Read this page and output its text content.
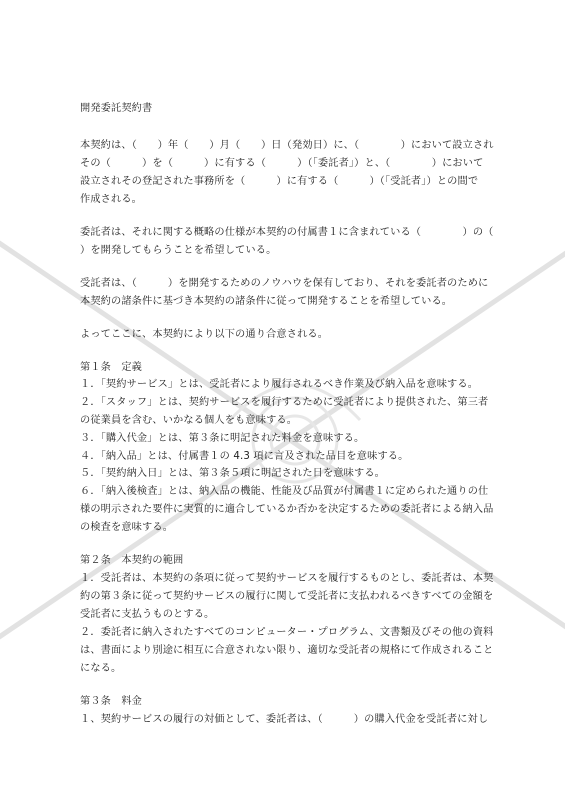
開発委託契約書
本契約は、（　　）年（　　）月（　　）日（発効日）に、（　　　　）において設立され
その（　　　）を（　　　）に有する（　　　）（「委託者」）と、（　　　　）において
設立されその登記された事務所を（　　　）に有する（　　　）（「受託者」）との間で
作成される。
委託者は、それに関する概略の仕様が本契約の付属書１に含まれている（　　　　）の（
）を開発してもらうことを希望している。
受託者は、（　　　）を開発するためのノウハウを保有しており、それを委託者のために
本契約の諸条件に基づき本契約の諸条件に従って開発することを希望している。
よってここに、本契約により以下の通り合意される。
第１条　定義
１．「契約サービス」とは、受託者により履行されるべき作業及び納入品を意味する。
２．「スタッフ」とは、契約サービスを履行するために受託者により提供された、第三者
の従業員を含む、いかなる個人をも意味する。
３．「購入代金」とは、第３条に明記された料金を意味する。
４．「納入品」とは、付属書１の 4.3 項に言及された品目を意味する。
５．「契約納入日」とは、第３条５項に明記された日を意味する。
６．「納入後検査」とは、納入品の機能、性能及び品質が付属書１に定められた通りの仕
様の明示された要件に実質的に適合しているか否かを決定するための委託者による納入品
の検査を意味する。
第２条　本契約の範囲
１．受託者は、本契約の条項に従って契約サービスを履行するものとし、委託者は、本契
約の第３条に従って契約サービスの履行に関して受託者に支払われるべきすべての金額を
受託者に支払うものとする。
２．委託者に納入されたすべてのコンピューター・プログラム、文書類及びその他の資料
は、書面により別途に相互に合意されない限り、適切な受託者の規格にて作成されること
になる。
第３条　料金
１、契約サービスの履行の対価として、委託者は、（　　　）の購入代金を受託者に対し
